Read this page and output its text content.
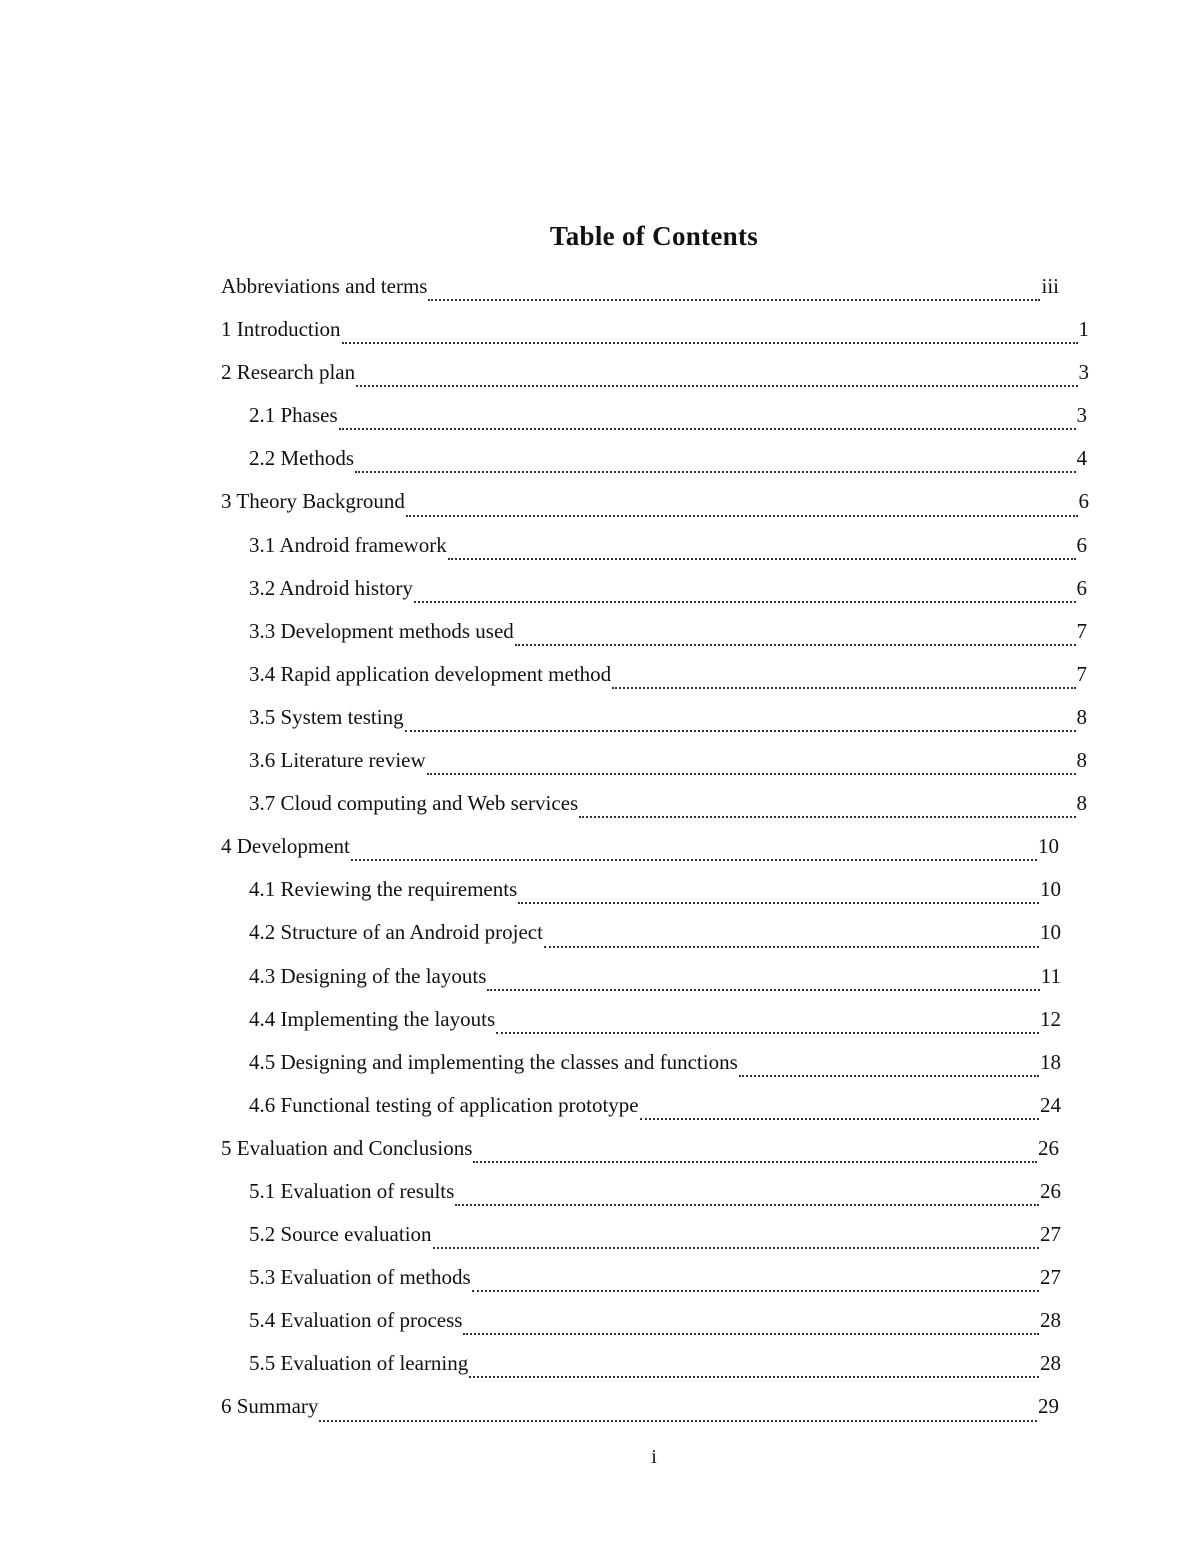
Table of Contents
Abbreviations and terms	iii
1 Introduction	1
2 Research plan	3
2.1 Phases	3
2.2 Methods	4
3 Theory Background	6
3.1 Android framework	6
3.2 Android history	6
3.3 Development methods used	7
3.4 Rapid application development method	7
3.5 System testing	8
3.6 Literature review	8
3.7 Cloud computing and Web services	8
4 Development	10
4.1 Reviewing the requirements	10
4.2 Structure of an Android project	10
4.3 Designing of the layouts	11
4.4 Implementing the layouts	12
4.5 Designing and implementing the classes and functions	18
4.6 Functional testing of application prototype	24
5 Evaluation and Conclusions	26
5.1 Evaluation of results	26
5.2 Source evaluation	27
5.3 Evaluation of methods	27
5.4 Evaluation of process	28
5.5 Evaluation of learning	28
6 Summary	29
i
